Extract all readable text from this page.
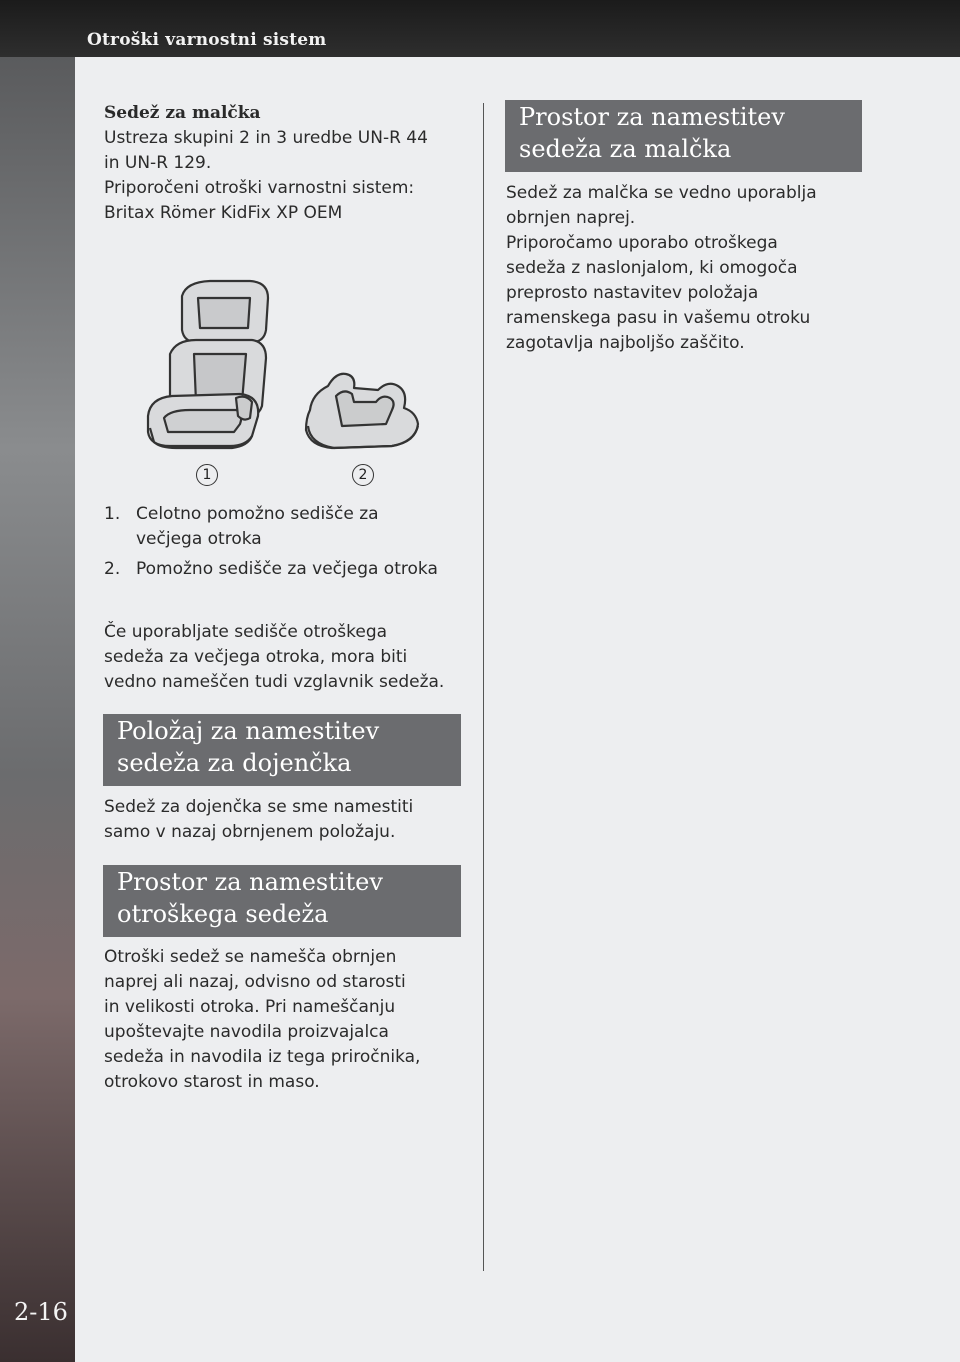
Otroški varnostni sistem
2-16
Sedež za malčka

Ustreza skupini 2 in 3 uredbe UN-R 44

in UN-R 129.

Priporočeni otroški varnostni sistem:

Britax Römer KidFix XP OEM

1	2
1. Celotno pomožno sedišče za
večjega otroka
2. Pomožno sedišče za večjega otroka

Če uporabljate sedišče otroškega

sedeža za večjega otroka, mora biti

vedno nameščen tudi vzglavnik sedeža.

Položaj za namestitev
sedeža za dojenčka

Sedež za dojenčka se sme namestiti

samo v nazaj obrnjenem položaju.

Prostor za namestitev
otroškega sedeža

Otroški sedež se namešča obrnjen

naprej ali nazaj, odvisno od starosti

in velikosti otroka. Pri nameščanju

upoštevajte navodila proizvajalca

sedeža in navodila iz tega priročnika,

otrokovo starost in maso.

Prostor za namestitev
sedeža za malčka

Sedež za malčka se vedno uporablja

obrnjen naprej.

Priporočamo uporabo otroškega

sedeža z naslonjalom, ki omogoča

preprosto nastavitev položaja

ramenskega pasu in vašemu otroku

zagotavlja najboljšo zaščito.
